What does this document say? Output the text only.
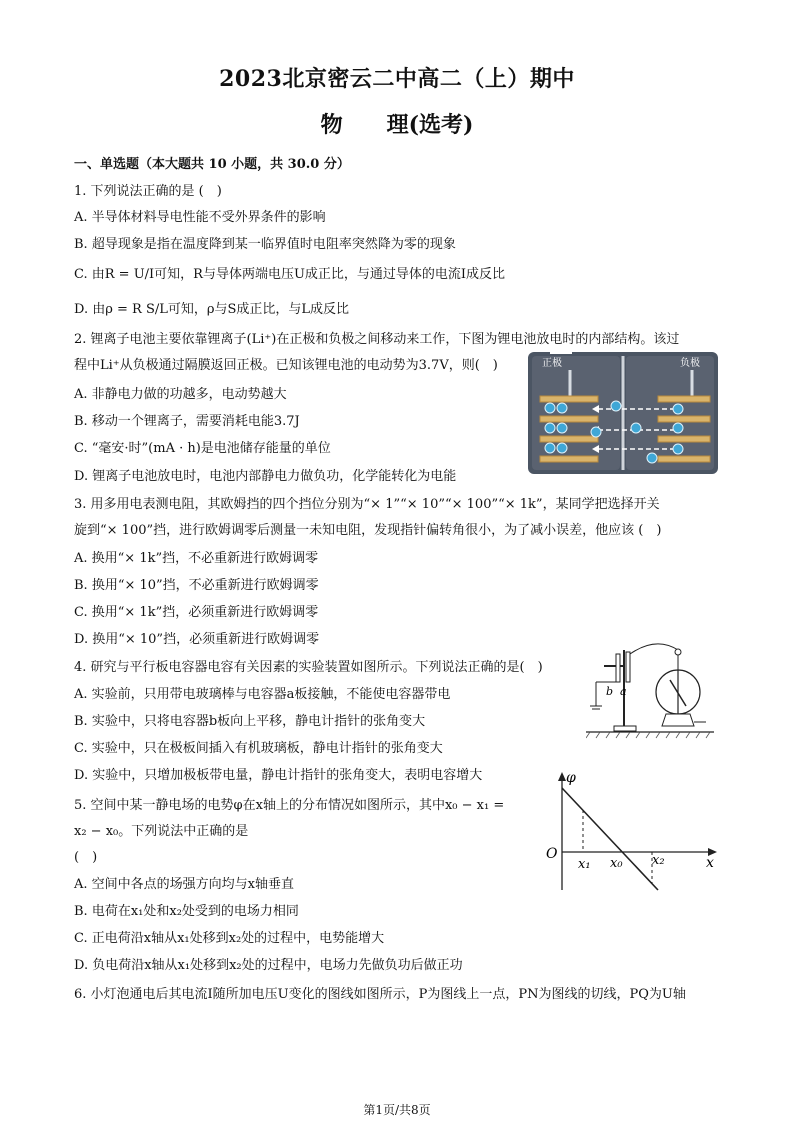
2023北京密云二中高二（上）期中
物　　理(选考)
一、单选题（本大题共 10 小题，共 30.0 分）
1. 下列说法正确的是 (　)
A. 半导体材料导电性能不受外界条件的影响
B. 超导现象是指在温度降到某一临界值时电阻率突然降为零的现象
C. 由R = U/I可知，R与导体两端电压U成正比，与通过导体的电流I成反比
D. 由ρ = R S/L可知，ρ与S成正比，与L成反比
2. 锂离子电池主要依靠锂离子(Li⁺)在正极和负极之间移动来工作，下图为锂电池放电时的内部结构。该过
程中Li⁺从负极通过隔膜返回正极。已知该锂电池的电动势为3.7V，则(　)
A. 非静电力做的功越多，电动势越大
B. 移动一个锂离子，需要消耗电能3.7J
C. “毫安·时”(mA · h)是电池储存能量的单位
D. 锂离子电池放电时，电池内部静电力做负功，化学能转化为电能
3. 用多用电表测电阻，其欧姆挡的四个挡位分别为“× 1”“× 10”“× 100”“× 1k”，某同学把选择开关
旋到“× 100”挡，进行欧姆调零后测量一未知电阻，发现指针偏转角很小，为了减小误差，他应该 (　)
A. 换用“× 1k”挡，不必重新进行欧姆调零
B. 换用“× 10”挡，不必重新进行欧姆调零
C. 换用“× 1k”挡，必须重新进行欧姆调零
D. 换用“× 10”挡，必须重新进行欧姆调零
4. 研究与平行板电容器电容有关因素的实验装置如图所示。下列说法正确的是(　)
A. 实验前，只用带电玻璃棒与电容器a板接触，不能使电容器带电
B. 实验中，只将电容器b板向上平移，静电计指针的张角变大
C. 实验中，只在极板间插入有机玻璃板，静电计指针的张角变大
D. 实验中，只增加极板带电量，静电计指针的张角变大，表明电容增大
5. 空间中某一静电场的电势φ在x轴上的分布情况如图所示，其中x₀ − x₁ =
x₂ − x₀。下列说法中正确的是
(　)
A. 空间中各点的场强方向均与x轴垂直
B. 电荷在x₁处和x₂处受到的电场力相同
C. 正电荷沿x轴从x₁处移到x₂处的过程中，电势能增大
D. 负电荷沿x轴从x₁处移到x₂处的过程中，电场力先做负功后做正功
6. 小灯泡通电后其电流I随所加电压U变化的图线如图所示，P为图线上一点，PN为图线的切线，PQ为U轴
正极	负极
b a
φ
x
O
x₁ x₀ x₂
第1页/共8页
